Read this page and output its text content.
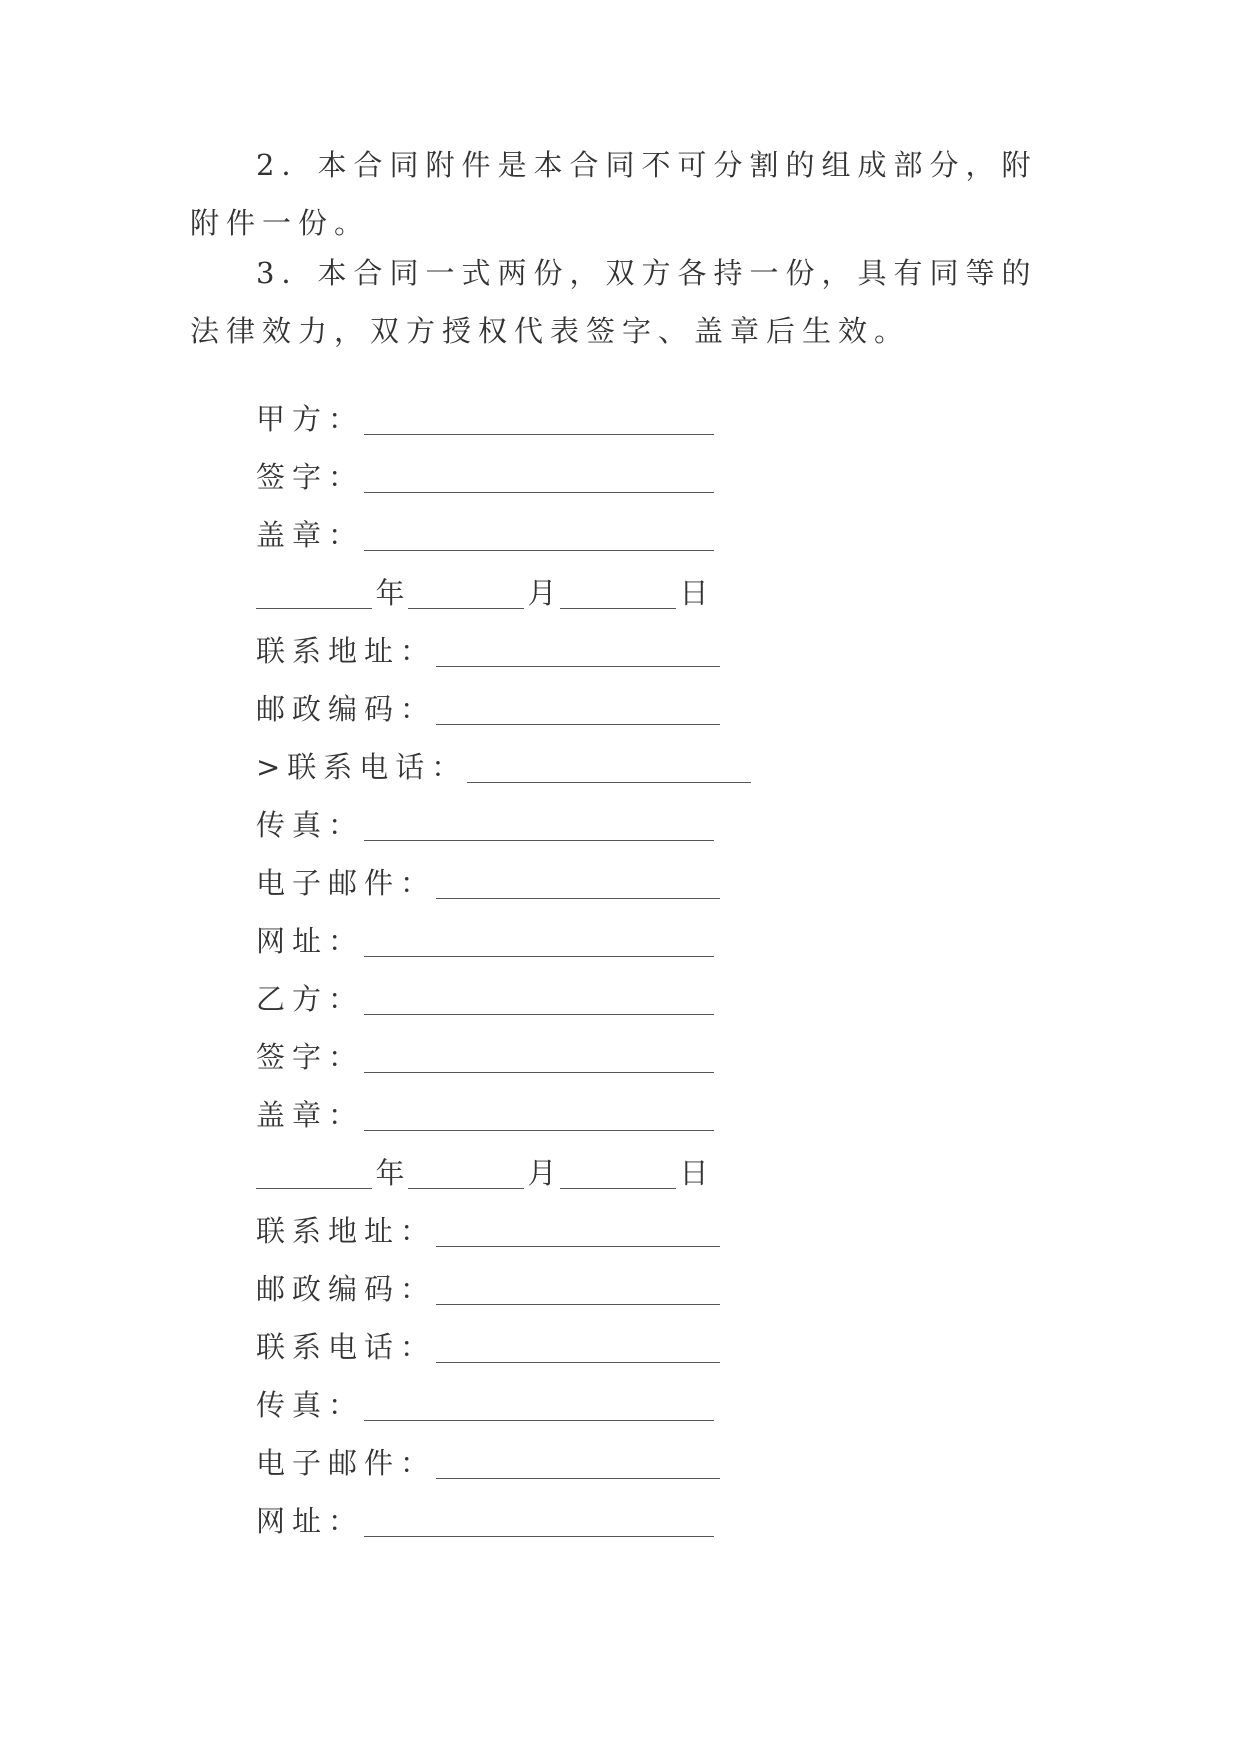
2．本合同附件是本合同不可分割的组成部分，附附件一份。

3．本合同一式两份，双方各持一份，具有同等的法律效力，双方授权代表签字、盖章后生效。

甲方：
签字：
盖章：
年	月	日
联系地址：
邮政编码：
>联系电话：
传真：
电子邮件：
网址：
乙方：
签字：
盖章：
年	月	日
联系地址：
邮政编码：
联系电话：
传真：
电子邮件：
网址：
